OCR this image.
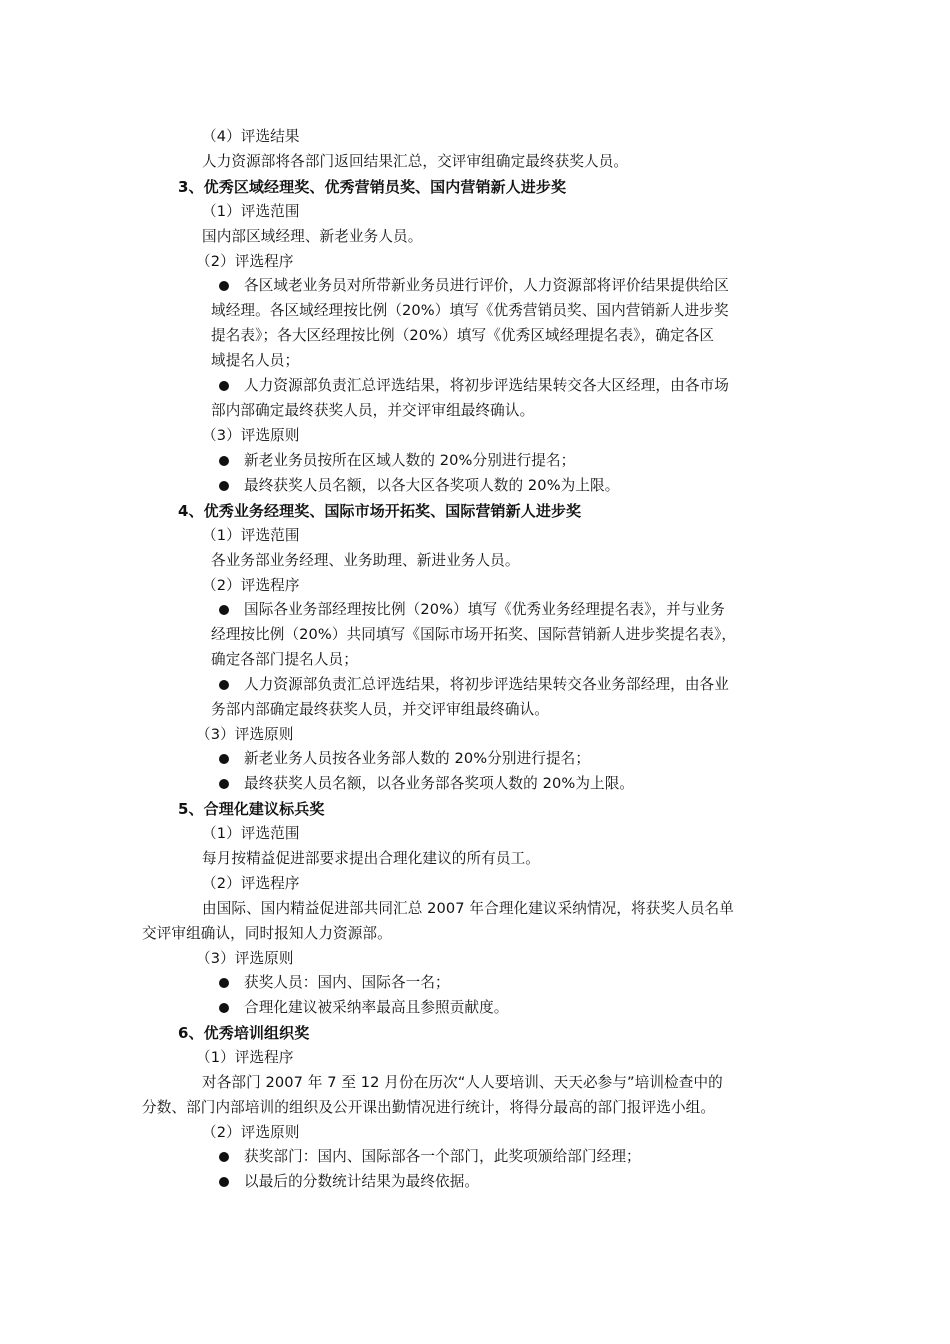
（4）评选结果
人力资源部将各部门返回结果汇总，交评审组确定最终获奖人员。
3、优秀区域经理奖、优秀营销员奖、国内营销新人进步奖
（1）评选范围
国内部区域经理、新老业务人员。
（2）评选程序
各区域老业务员对所带新业务员进行评价，人力资源部将评价结果提供给区
域经理。各区域经理按比例（20%）填写《优秀营销员奖、国内营销新人进步奖
提名表》；各大区经理按比例（20%）填写《优秀区域经理提名表》，确定各区
域提名人员；
人力资源部负责汇总评选结果，将初步评选结果转交各大区经理，由各市场
部内部确定最终获奖人员，并交评审组最终确认。
（3）评选原则
新老业务员按所在区域人数的 20%分别进行提名；
最终获奖人员名额，以各大区各奖项人数的 20%为上限。
4、优秀业务经理奖、国际市场开拓奖、国际营销新人进步奖
（1）评选范围
各业务部业务经理、业务助理、新进业务人员。
（2）评选程序
国际各业务部经理按比例（20%）填写《优秀业务经理提名表》，并与业务
经理按比例（20%）共同填写《国际市场开拓奖、国际营销新人进步奖提名表》，
确定各部门提名人员；
人力资源部负责汇总评选结果，将初步评选结果转交各业务部经理，由各业
务部内部确定最终获奖人员，并交评审组最终确认。
（3）评选原则
新老业务人员按各业务部人数的 20%分别进行提名；
最终获奖人员名额，以各业务部各奖项人数的 20%为上限。
5、合理化建议标兵奖
（1）评选范围
每月按精益促进部要求提出合理化建议的所有员工。
（2）评选程序
由国际、国内精益促进部共同汇总 2007 年合理化建议采纳情况，将获奖人员名单
交评审组确认，同时报知人力资源部。
（3）评选原则
获奖人员：国内、国际各一名；
合理化建议被采纳率最高且参照贡献度。
6、优秀培训组织奖
（1）评选程序
对各部门 2007 年 7 至 12 月份在历次“人人要培训、天天必参与”培训检查中的
分数、部门内部培训的组织及公开课出勤情况进行统计，将得分最高的部门报评选小组。
（2）评选原则
获奖部门：国内、国际部各一个部门，此奖项颁给部门经理；
以最后的分数统计结果为最终依据。
